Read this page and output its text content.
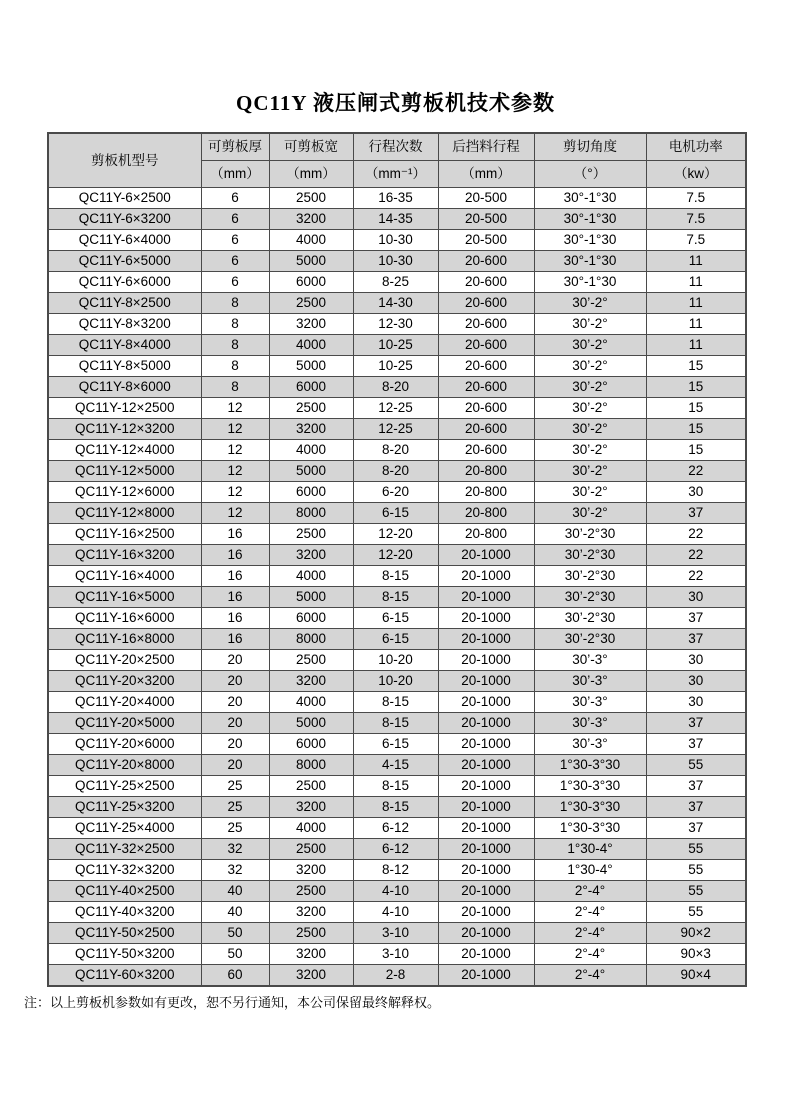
QC11Y 液压闸式剪板机技术参数
剪板机型号	可剪板厚	可剪板宽	行程次数	后挡料行程	剪切角度	电机功率
	（mm）	（mm）	（mm⁻¹）	（mm）	（°）	（kw）
QC11Y-6×2500	6	2500	16-35	20-500	30°-1°30	7.5
QC11Y-6×3200	6	3200	14-35	20-500	30°-1°30	7.5
QC11Y-6×4000	6	4000	10-30	20-500	30°-1°30	7.5
QC11Y-6×5000	6	5000	10-30	20-600	30°-1°30	11
QC11Y-6×6000	6	6000	8-25	20-600	30°-1°30	11
QC11Y-8×2500	8	2500	14-30	20-600	30’-2°	11
QC11Y-8×3200	8	3200	12-30	20-600	30’-2°	11
QC11Y-8×4000	8	4000	10-25	20-600	30’-2°	11
QC11Y-8×5000	8	5000	10-25	20-600	30’-2°	15
QC11Y-8×6000	8	6000	8-20	20-600	30’-2°	15
QC11Y-12×2500	12	2500	12-25	20-600	30’-2°	15
QC11Y-12×3200	12	3200	12-25	20-600	30’-2°	15
QC11Y-12×4000	12	4000	8-20	20-600	30’-2°	15
QC11Y-12×5000	12	5000	8-20	20-800	30’-2°	22
QC11Y-12×6000	12	6000	6-20	20-800	30’-2°	30
QC11Y-12×8000	12	8000	6-15	20-800	30’-2°	37
QC11Y-16×2500	16	2500	12-20	20-800	30’-2°30	22
QC11Y-16×3200	16	3200	12-20	20-1000	30’-2°30	22
QC11Y-16×4000	16	4000	8-15	20-1000	30’-2°30	22
QC11Y-16×5000	16	5000	8-15	20-1000	30’-2°30	30
QC11Y-16×6000	16	6000	6-15	20-1000	30’-2°30	37
QC11Y-16×8000	16	8000	6-15	20-1000	30’-2°30	37
QC11Y-20×2500	20	2500	10-20	20-1000	30’-3°	30
QC11Y-20×3200	20	3200	10-20	20-1000	30’-3°	30
QC11Y-20×4000	20	4000	8-15	20-1000	30’-3°	30
QC11Y-20×5000	20	5000	8-15	20-1000	30’-3°	37
QC11Y-20×6000	20	6000	6-15	20-1000	30’-3°	37
QC11Y-20×8000	20	8000	4-15	20-1000	1°30-3°30	55
QC11Y-25×2500	25	2500	8-15	20-1000	1°30-3°30	37
QC11Y-25×3200	25	3200	8-15	20-1000	1°30-3°30	37
QC11Y-25×4000	25	4000	6-12	20-1000	1°30-3°30	37
QC11Y-32×2500	32	2500	6-12	20-1000	1°30-4°	55
QC11Y-32×3200	32	3200	8-12	20-1000	1°30-4°	55
QC11Y-40×2500	40	2500	4-10	20-1000	2°-4°	55
QC11Y-40×3200	40	3200	4-10	20-1000	2°-4°	55
QC11Y-50×2500	50	2500	3-10	20-1000	2°-4°	90×2
QC11Y-50×3200	50	3200	3-10	20-1000	2°-4°	90×3
QC11Y-60×3200	60	3200	2-8	20-1000	2°-4°	90×4

注：以上剪板机参数如有更改，恕不另行通知，本公司保留最终解释权。
